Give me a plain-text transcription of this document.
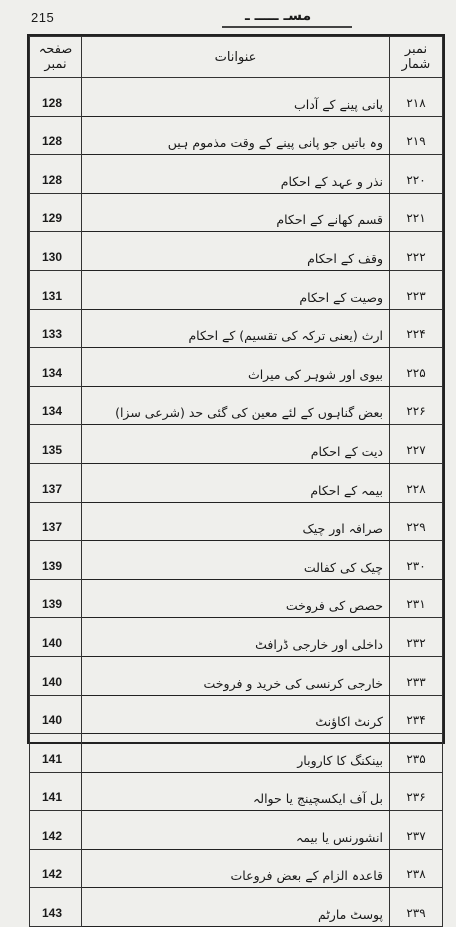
215	مسـ ـــــ ـ
صفحہ نمبر	عنوانات	نمبر شمار
128	پانی پینے کے آداب	۲۱۸
128	وہ باتیں جو پانی پینے کے وقت مذموم ہیں	۲۱۹
128	نذر و عہد کے احکام	۲۲۰
129	قسم کھانے کے احکام	۲۲۱
130	وقف کے احکام	۲۲۲
131	وصیت کے احکام	۲۲۳
133	ارث (یعنی ترکہ کی تقسیم) کے احکام	۲۲۴
134	بیوی اور شوہر کی میراث	۲۲۵
134	بعض گناہوں کے لئے معین کی گئی حد (شرعی سزا)	۲۲۶
135	دیت کے احکام	۲۲۷
137	بیمہ کے احکام	۲۲۸
137	صرافہ اور چیک	۲۲۹
139	چیک کی کفالت	۲۳۰
139	حصص کی فروخت	۲۳۱
140	داخلی اور خارجی ڈرافٹ	۲۳۲
140	خارجی کرنسی کی خرید و فروخت	۲۳۳
140	کرنٹ اکاؤنٹ	۲۳۴
141	بینکنگ کا کاروبار	۲۳۵
141	بل آف ایکسچینج یا حوالہ	۲۳۶
142	انشورنس یا بیمہ	۲۳۷
142	قاعدہ الزام کے بعض فروعات	۲۳۸
143	پوسٹ مارٹم	۲۳۹
